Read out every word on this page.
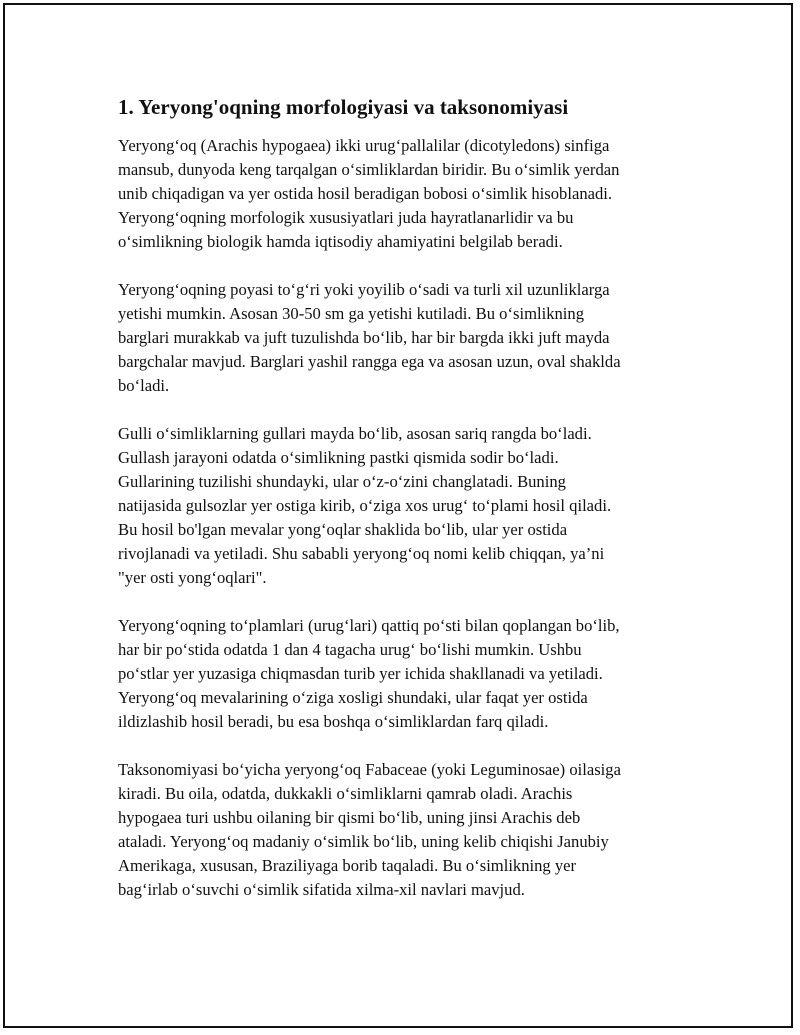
1. Yeryong'oqning morfologiyasi va taksonomiyasi

Yeryong‘oq (Arachis hypogaea) ikki urug‘pallalilar (dicotyledons) sinfiga
mansub, dunyoda keng tarqalgan o‘simliklardan biridir. Bu o‘simlik yerdan
unib chiqadigan va yer ostida hosil beradigan bobosi o‘simlik hisoblanadi.
Yeryong‘oqning morfologik xususiyatlari juda hayratlanarlidir va bu
o‘simlikning biologik hamda iqtisodiy ahamiyatini belgilab beradi.

Yeryong‘oqning poyasi to‘g‘ri yoki yoyilib o‘sadi va turli xil uzunliklarga
yetishi mumkin. Asosan 30-50 sm ga yetishi kutiladi. Bu o‘simlikning
barglari murakkab va juft tuzulishda bo‘lib, har bir bargda ikki juft mayda
bargchalar mavjud. Barglari yashil rangga ega va asosan uzun, oval shaklda
bo‘ladi.

Gulli o‘simliklarning gullari mayda bo‘lib, asosan sariq rangda bo‘ladi.
Gullash jarayoni odatda o‘simlikning pastki qismida sodir bo‘ladi.
Gullarining tuzilishi shundayki, ular o‘z-o‘zini changlatadi. Buning
natijasida gulsozlar yer ostiga kirib, o‘ziga xos urug‘ to‘plami hosil qiladi.
Bu hosil bo'lgan mevalar yong‘oqlar shaklida bo‘lib, ular yer ostida
rivojlanadi va yetiladi. Shu sababli yeryong‘oq nomi kelib chiqqan, ya’ni
"yer osti yong‘oqlari".

Yeryong‘oqning to‘plamlari (urug‘lari) qattiq po‘sti bilan qoplangan bo‘lib,
har bir po‘stida odatda 1 dan 4 tagacha urug‘ bo‘lishi mumkin. Ushbu
po‘stlar yer yuzasiga chiqmasdan turib yer ichida shakllanadi va yetiladi.
Yeryong‘oq mevalarining o‘ziga xosligi shundaki, ular faqat yer ostida
ildizlashib hosil beradi, bu esa boshqa o‘simliklardan farq qiladi.

Taksonomiyasi bo‘yicha yeryong‘oq Fabaceae (yoki Leguminosae) oilasiga
kiradi. Bu oila, odatda, dukkakli o‘simliklarni qamrab oladi. Arachis
hypogaea turi ushbu oilaning bir qismi bo‘lib, uning jinsi Arachis deb
ataladi. Yeryong‘oq madaniy o‘simlik bo‘lib, uning kelib chiqishi Janubiy
Amerikaga, xususan, Braziliyaga borib taqaladi. Bu o‘simlikning yer
bag‘irlab o‘suvchi o‘simlik sifatida xilma-xil navlari mavjud.
